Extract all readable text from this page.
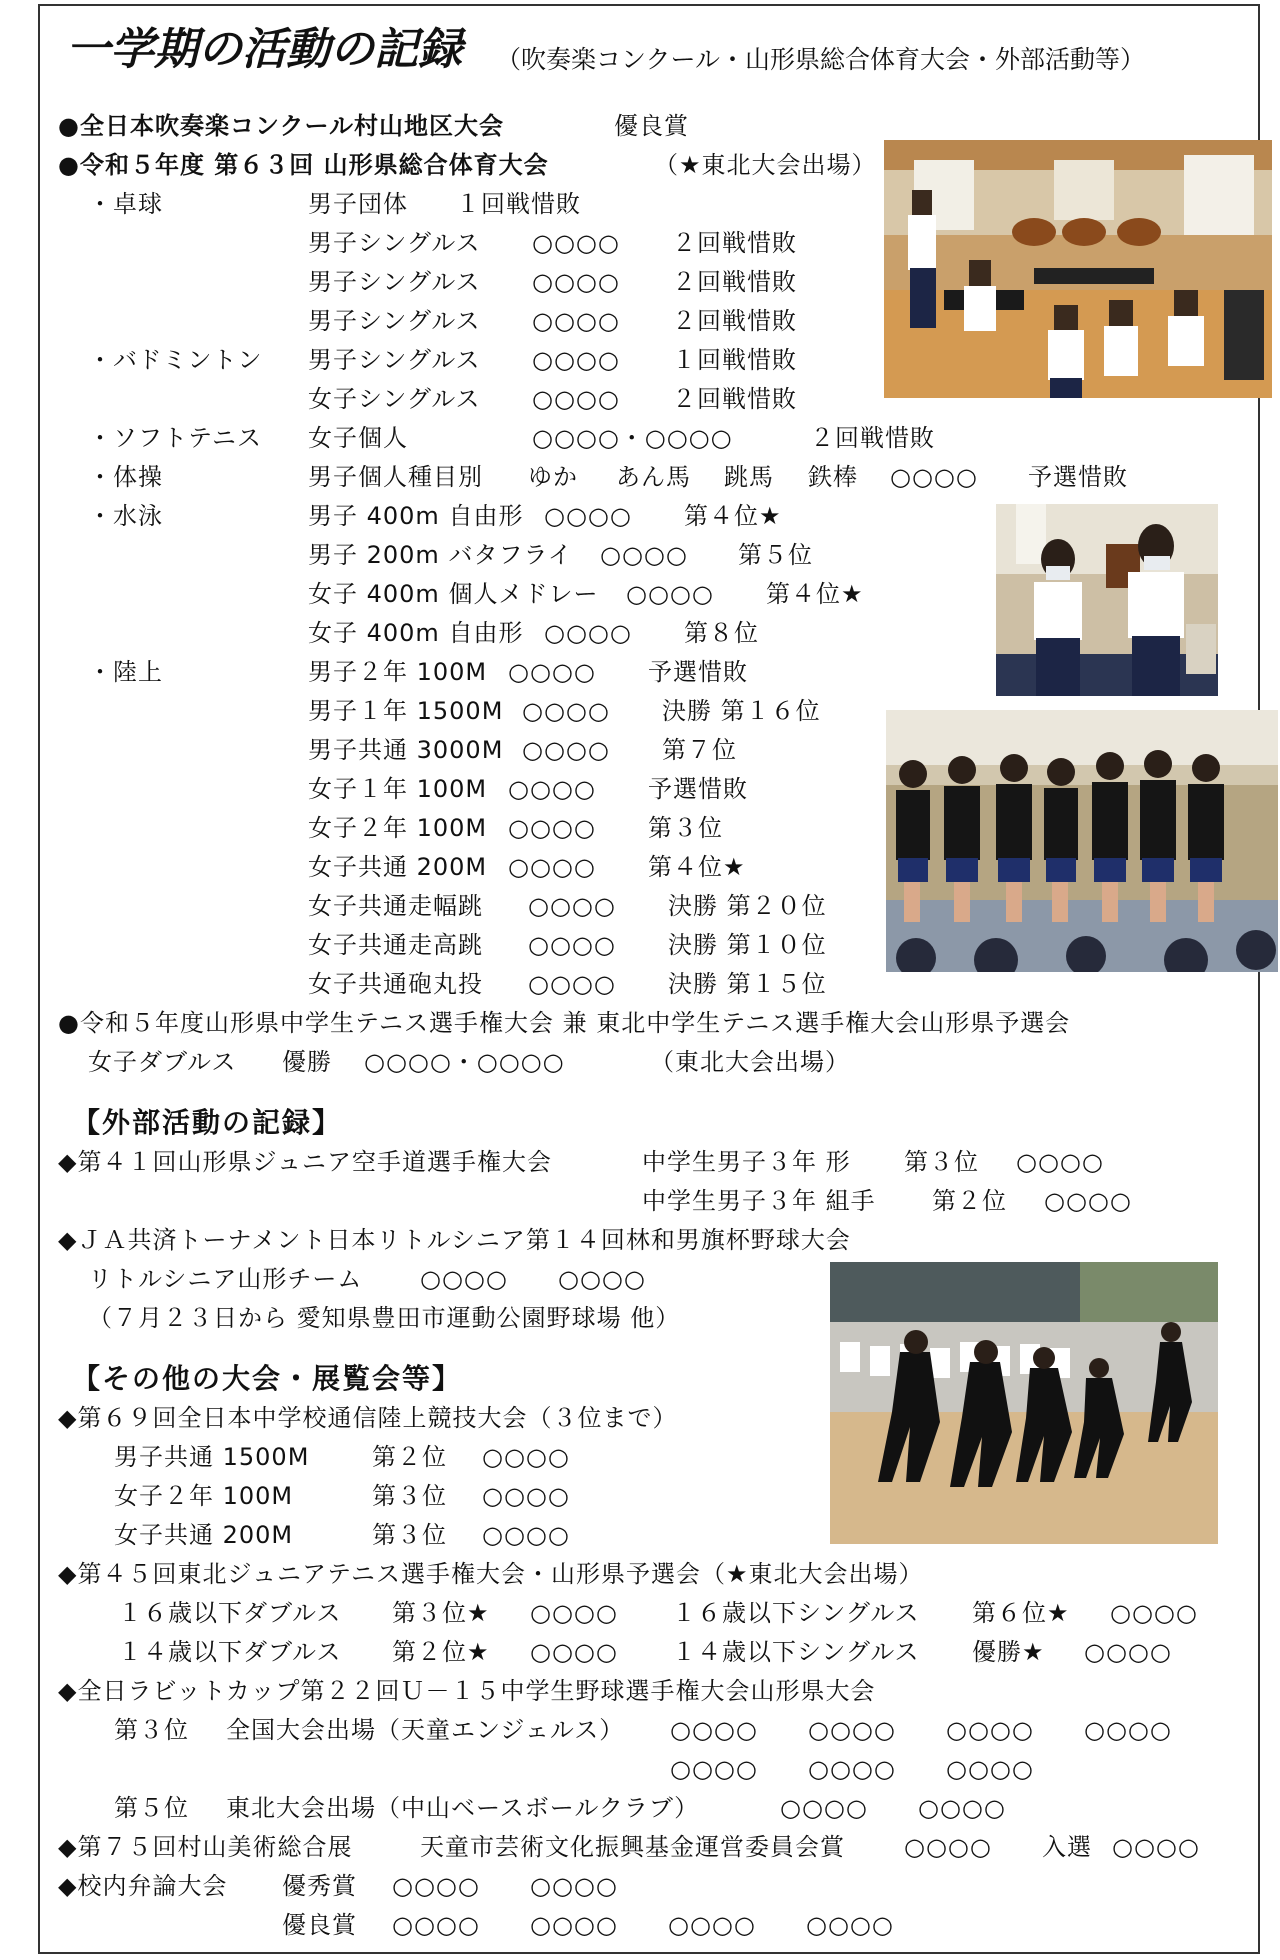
一学期の活動の記録 （吹奏楽コンクール・山形県総合体育大会・外部活動等）
●全日本吹奏楽コンクール村山地区大会	優良賞
●令和５年度 第６３回 山形県総合体育大会	（★東北大会出場）
・卓球	男子団体 １回戦惜敗
男子シングルス ○○○○ ２回戦惜敗
男子シングルス ○○○○ ２回戦惜敗
男子シングルス ○○○○ ２回戦惜敗
・バドミントン 男子シングルス ○○○○ １回戦惜敗
女子シングルス ○○○○ ２回戦惜敗
・ソフトテニス 女子個人	○○○○・○○○○	２回戦惜敗
・体操	男子個人種目別 ゆか あん馬 跳馬 鉄棒 ○○○○ 予選惜敗
・水泳	男子 400m 自由形 ○○○○ 第４位★
男子 200m バタフライ ○○○○ 第５位
女子 400m 個人メドレー ○○○○ 第４位★
女子 400m 自由形 ○○○○ 第８位
・陸上	男子２年 100M ○○○○ 予選惜敗
男子１年 1500M ○○○○ 決勝 第１６位
男子共通 3000M ○○○○ 第７位
女子１年 100M ○○○○ 予選惜敗
女子２年 100M ○○○○ 第３位
女子共通 200M ○○○○ 第４位★
女子共通走幅跳 ○○○○ 決勝 第２０位
女子共通走高跳 ○○○○ 決勝 第１０位
女子共通砲丸投 ○○○○ 決勝 第１５位
●令和５年度山形県中学生テニス選手権大会 兼 東北中学生テニス選手権大会山形県予選会
女子ダブルス 優勝 ○○○○・○○○○	（東北大会出場）
【外部活動の記録】
◆第４１回山形県ジュニア空手道選手権大会	中学生男子３年 形 第３位 ○○○○
中学生男子３年 組手 第２位 ○○○○
◆ＪＡ共済トーナメント日本リトルシニア第１４回林和男旗杯野球大会
リトルシニア山形チーム ○○○○ ○○○○
（７月２３日から 愛知県豊田市運動公園野球場 他）
【その他の大会・展覧会等】
◆第６９回全日本中学校通信陸上競技大会（３位まで）
男子共通 1500M	第２位 ○○○○
女子２年 100M	第３位 ○○○○
女子共通 200M	第３位 ○○○○
◆第４５回東北ジュニアテニス選手権大会・山形県予選会（★東北大会出場）
１６歳以下ダブルス 第３位★ ○○○○ １６歳以下シングルス 第６位★ ○○○○
１４歳以下ダブルス 第２位★ ○○○○ １４歳以下シングルス 優勝★ ○○○○
◆全日ラビットカップ第２２回Ｕ－１５中学生野球選手権大会山形県大会
第３位 全国大会出場（天童エンジェルス） ○○○○ ○○○○ ○○○○ ○○○○
○○○○ ○○○○ ○○○○
第５位 東北大会出場（中山ベースボールクラブ）	○○○○ ○○○○
◆第７５回村山美術総合展	天童市芸術文化振興基金運営委員会賞 ○○○○ 入選 ○○○○
◆校内弁論大会 優秀賞 ○○○○ ○○○○
優良賞 ○○○○ ○○○○ ○○○○ ○○○○
